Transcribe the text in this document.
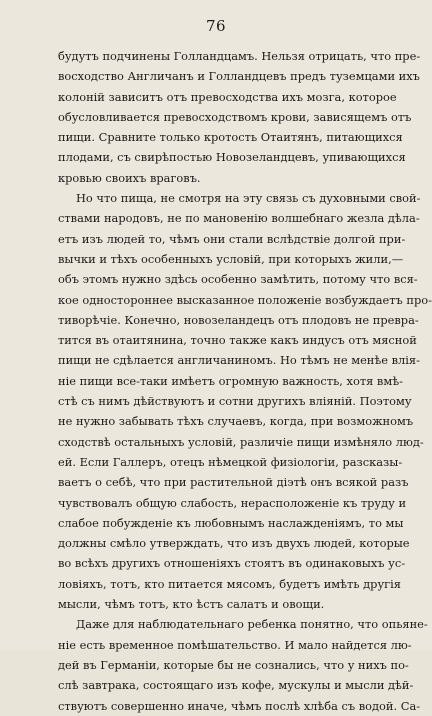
76
будутъ подчинены Голландцамъ. Нельзя отрицать, что пре-
восходство Англичанъ и Голландцевъ предъ туземцами ихъ
колоній зависитъ отъ превосходства ихъ мозга, которое
обусловливается превосходствомъ крови, зависящемъ отъ
пищи. Сравните только кротость Отаитянъ, питающихся
плодами, съ свирѣпостью Новозеландцевъ, упивающихся
кровью своихъ враговъ.
Но что пища, не смотря на эту связь съ духовными свой-
ствами народовъ, не по мановенію волшебнаго жезла дѣла-
етъ изъ людей то, чѣмъ они стали вслѣдствіе долгой при-
вычки и тѣхъ особенныхъ условій, при которыхъ жили,—
объ этомъ нужно здѣсь особенно замѣтить, потому что вся-
кое одностороннее высказанное положеніе возбуждаетъ про-
тиворѣчіе. Конечно, новозеландецъ отъ плодовъ не превра-
тится въ отаитянина, точно также какъ индусъ отъ мясной
пищи не сдѣлается англичаниномъ. Но тѣмъ не менѣе влія-
ніе пищи все-таки имѣетъ огромную важность, хотя вмѣ-
стѣ съ нимъ дѣйствуютъ и сотни другихъ вліяній. Поэтому
не нужно забывать тѣхъ случаевъ, когда, при возможномъ
сходствѣ остальныхъ условій, различіе пищи измѣняло люд-
ей. Если Галлеръ, отецъ нѣмецкой физіологіи, разсказы-
ваетъ о себѣ, что при растительной діэтѣ онъ всякой разъ
чувствовалъ общую слабость, нерасположеніе къ труду и
слабое побужденіе къ любовнымъ наслажденіямъ, то мы
должны смѣло утверждать, что изъ двухъ людей, которые
во всѣхъ другихъ отношеніяхъ стоятъ въ одинаковыхъ ус-
ловіяхъ, тотъ, кто питается мясомъ, будетъ имѣть другія
мысли, чѣмъ тотъ, кто ѣстъ салатъ и овощи.
Даже для наблюдательнаго ребенка понятно, что опьяне-
ніе есть временное помѣшательство. И мало найдется лю-
дей въ Германіи, которые бы не сознались, что у нихъ по-
слѣ завтрака, состоящаго изъ кофе, мускулы и мысли дѣй-
ствуютъ совершенно иначе, чѣмъ послѣ хлѣба съ водой. Са-
